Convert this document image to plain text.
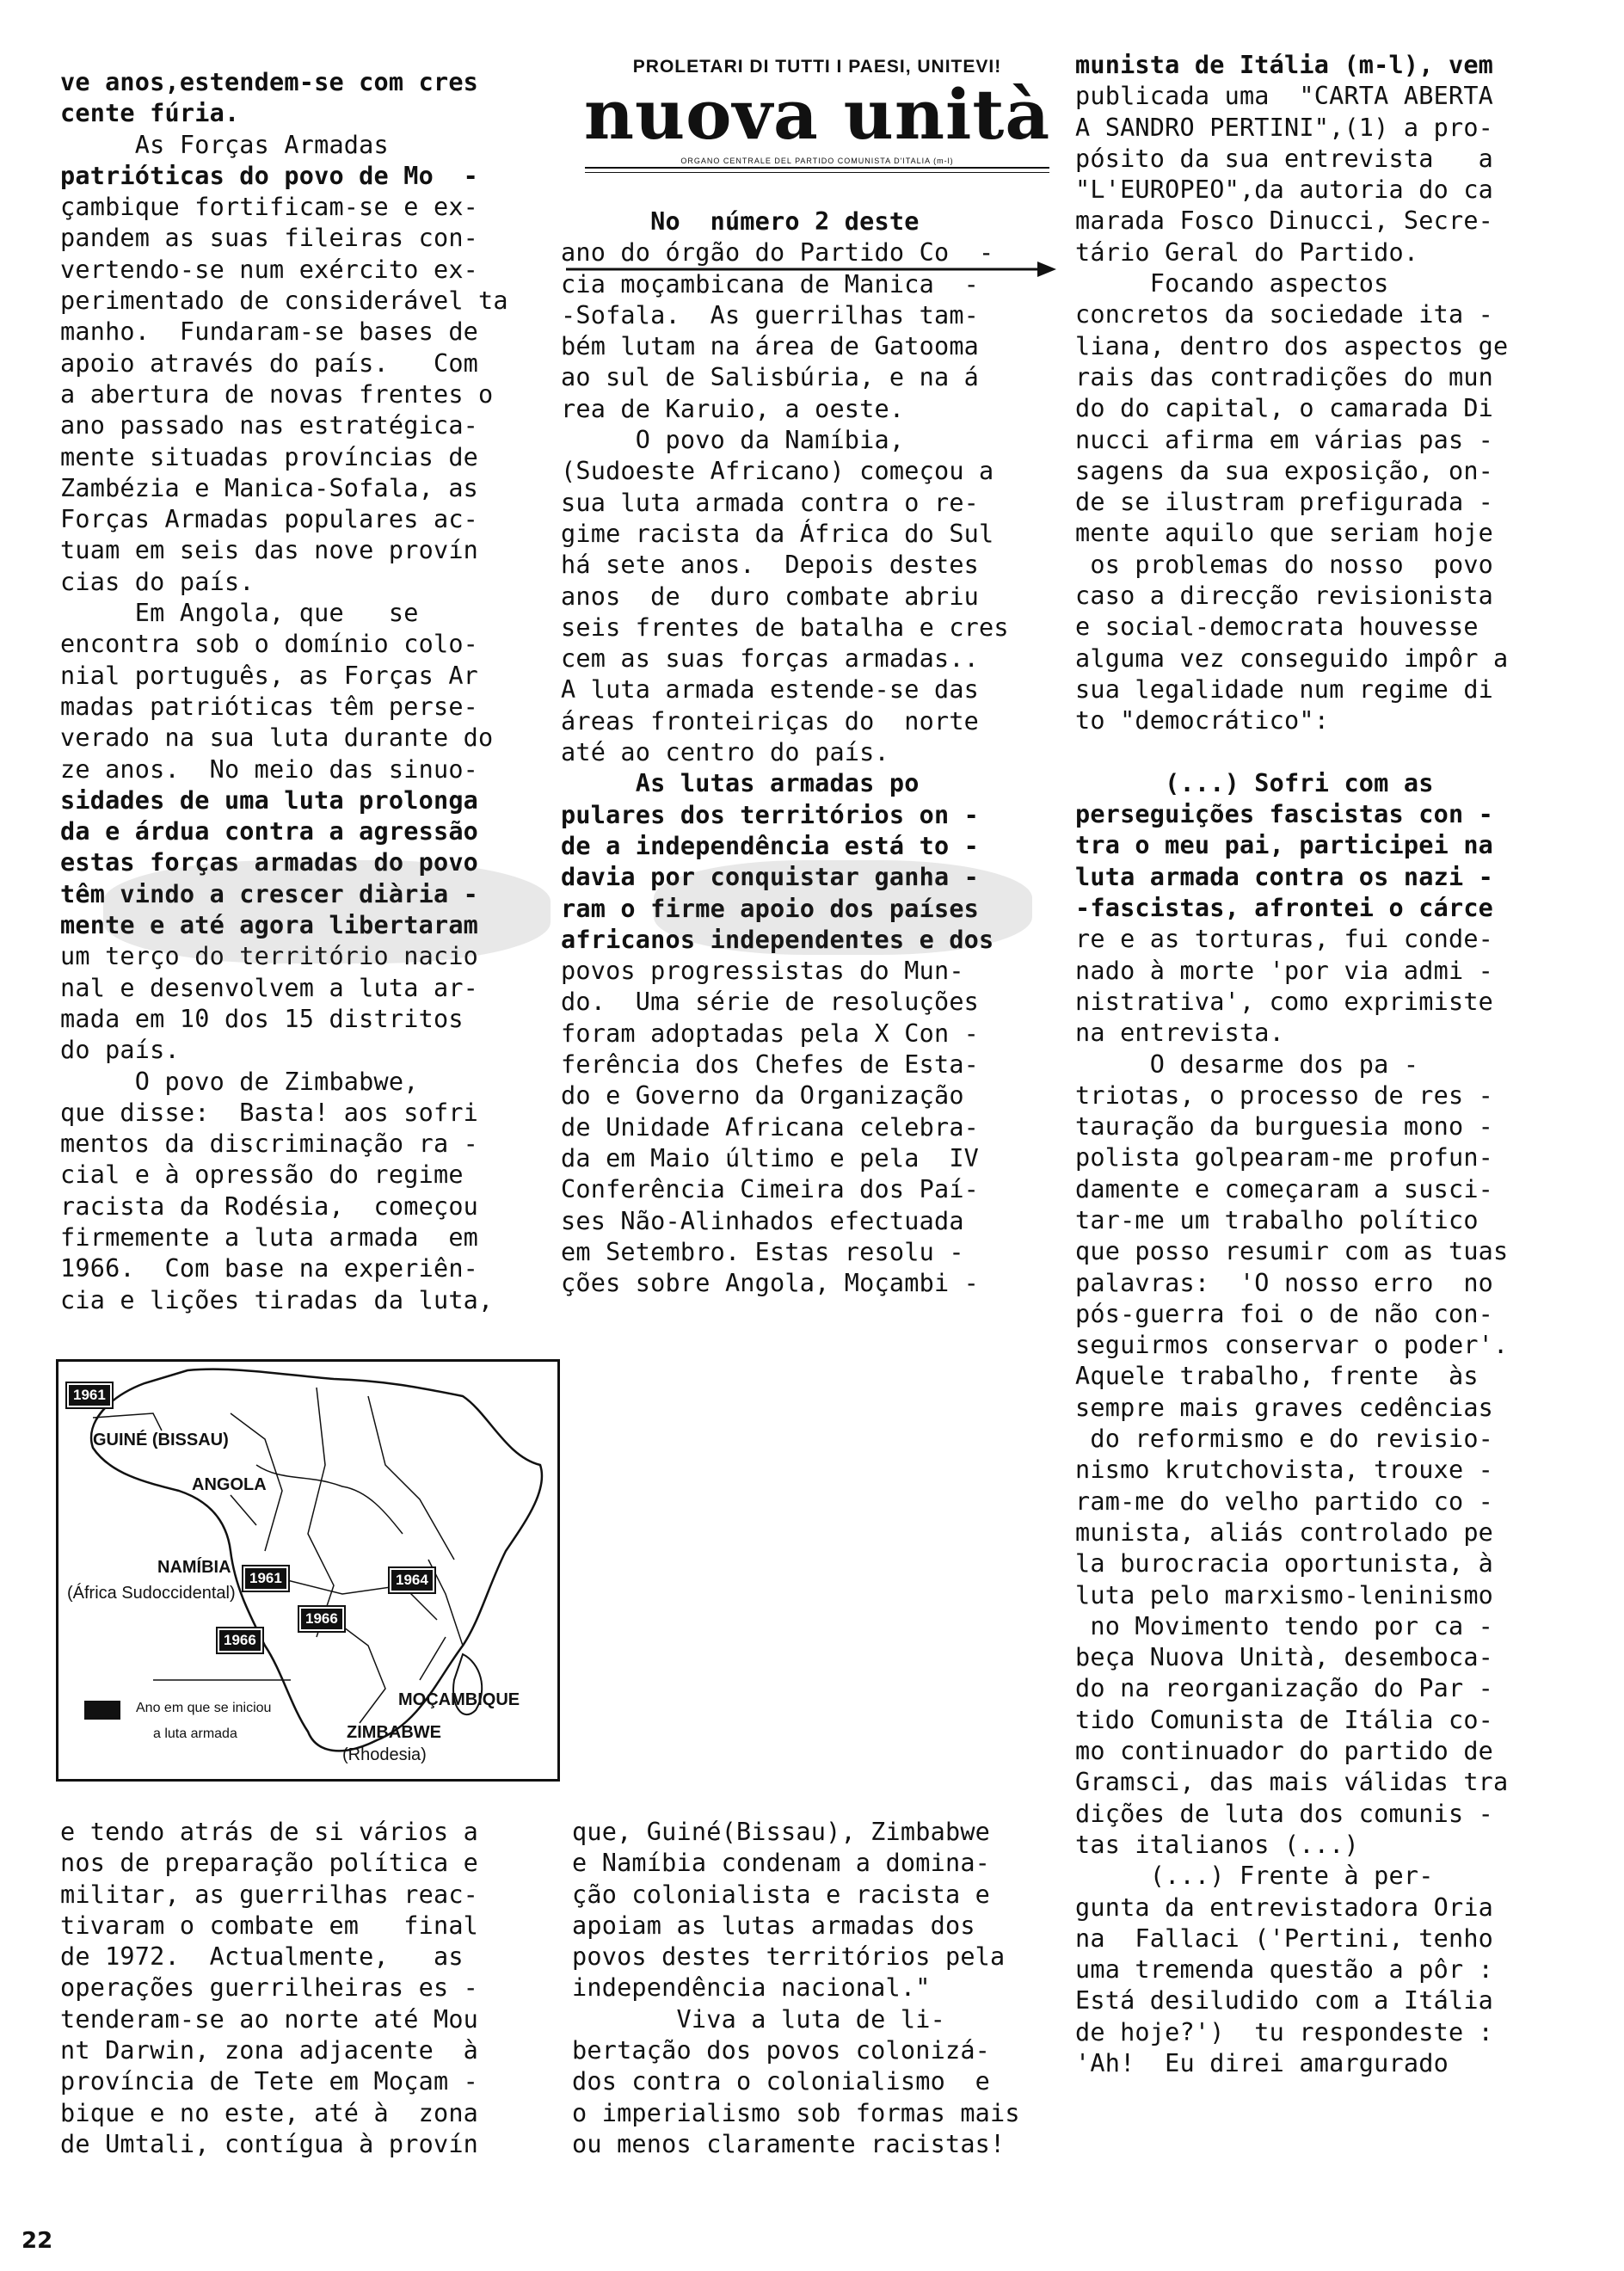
PROLETARI DI TUTTI I PAESI, UNITEVI!
nuova unità
ORGANO CENTRALE DEL PARTIDO COMUNISTA D'ITALIA (m-l)

ve anos,estendem-se com cres

cente fúria.

As Forças Armadas

patrióticas do povo de Mo  -

çambique fortificam-se e ex-

pandem as suas fileiras con-

vertendo-se num exército ex-

perimentado de considerável ta

manho.  Fundaram-se bases de

apoio através do país.   Com

a abertura de novas frentes o

ano passado nas estratégica-

mente situadas províncias de

Zambézia e Manica-Sofala, as

Forças Armadas populares ac-

tuam em seis das nove provín

cias do país.

Em Angola, que   se

encontra sob o domínio colo-

nial português, as Forças Ar

madas patrióticas têm perse-

verado na sua luta durante do

ze anos.  No meio das sinuo-

sidades de uma luta prolonga

da e árdua contra a agressão

estas forças armadas do povo

têm vindo a crescer diària -

mente e até agora libertaram

um terço do território nacio

nal e desenvolvem a luta ar-

mada em 10 dos 15 distritos

do país.

O povo de Zimbabwe,

que disse:  Basta! aos sofri

mentos da discriminação ra -

cial e à opressão do regime

racista da Rodésia,  começou

firmemente a luta armada  em

1966.  Com base na experiên-

cia e lições tiradas da luta,

No  número 2 deste

ano do órgão do Partido Co  -

cia moçambicana de Manica  -

-Sofala.  As guerrilhas tam-

bém lutam na área de Gatooma

ao sul de Salisbúria, e na á

rea de Karuio, a oeste.

O povo da Namíbia,

(Sudoeste Africano) começou a

sua luta armada contra o re-

gime racista da África do Sul

há sete anos.  Depois destes

anos  de  duro combate abriu

seis frentes de batalha e cres

cem as suas forças armadas..

A luta armada estende-se das

áreas fronteiriças do  norte

até ao centro do país.

As lutas armadas po

pulares dos territórios on -

de a independência está to -

davia por conquistar ganha -

ram o firme apoio dos países

africanos independentes e dos

povos progressistas do Mun-

do.  Uma série de resoluções

foram adoptadas pela X Con -

ferência dos Chefes de Esta-

do e Governo da Organização

de Unidade Africana celebra-

da em Maio último e pela  IV

Conferência Cimeira dos Paí-

ses Não-Alinhados efectuada

em Setembro. Estas resolu -

ções sobre Angola, Moçambi -

munista de Itália (m-l), vem

publicada uma  "CARTA ABERTA

A SANDRO PERTINI",(1) a pro-

pósito da sua entrevista   a

"L'EUROPEO",da autoria do ca

marada Fosco Dinucci, Secre-

tário Geral do Partido.

Focando aspectos

concretos da sociedade ita -

liana, dentro dos aspectos ge

rais das contradições do mun

do do capital, o camarada Di

nucci afirma em várias pas -

sagens da sua exposição, on-

de se ilustram prefigurada -

mente aquilo que seriam hoje

os problemas do nosso  povo

caso a direcção revisionista

e social-democrata houvesse

alguma vez conseguido impôr a

sua legalidade num regime di

to "democrático":

(...) Sofri com as

perseguições fascistas con -

tra o meu pai, participei na

luta armada contra os nazi -

-fascistas, afrontei o cárce

re e as torturas, fui conde-

nado à morte 'por via admi -

nistrativa', como exprimiste

na entrevista.

O desarme dos pa -

triotas, o processo de res -

tauração da burguesia mono -

polista golpearam-me profun-

damente e começaram a susci-

tar-me um trabalho político

que posso resumir com as tuas

palavras:  'O nosso erro  no

pós-guerra foi o de não con-

seguirmos conservar o poder'.

Aquele trabalho, frente  às

sempre mais graves cedências

do reformismo e do revisio-

nismo krutchovista, trouxe -

ram-me do velho partido co -

munista, aliás controlado pe

la burocracia oportunista, à

luta pelo marxismo-leninismo

no Movimento tendo por ca -

beça Nuova Unità, desemboca-

do na reorganização do Par -

tido Comunista de Itália co-

mo continuador do partido de

Gramsci, das mais válidas tra

dições de luta dos comunis -

tas italianos (...)

(...) Frente à per-

gunta da entrevistadora Oria

na  Fallaci ('Pertini, tenho

uma tremenda questão a pôr :

Está desiludido com a Itália

de hoje?')  tu respondeste :

'Ah!  Eu direi amargurado

e tendo atrás de si vários a

nos de preparação política e

militar, as guerrilhas reac-

tivaram o combate em   final

de 1972.  Actualmente,   as

operações guerrilheiras es -

tenderam-se ao norte até Mou

nt Darwin, zona adjacente  à

província de Tete em Moçam -

bique e no este, até à  zona

de Umtali, contígua à provín

que, Guiné(Bissau), Zimbabwe

e Namíbia condenam a domina-

ção colonialista e racista e

apoiam as lutas armadas dos

povos destes territórios pela

independência nacional."

Viva a luta de li-

bertação dos povos colonizá-

dos contra o colonialismo  e

o imperialismo sob formas mais

ou menos claramente racistas!

1961
GUINÉ (BISSAU)
ANGOLA
1961
NAMÍBIA
(África Sudoccidental)
1966
1966
1964
MOÇAMBIQUE
ZIMBABWE
(Rhodesia)
Ano em que se iniciou
a luta armada
22
